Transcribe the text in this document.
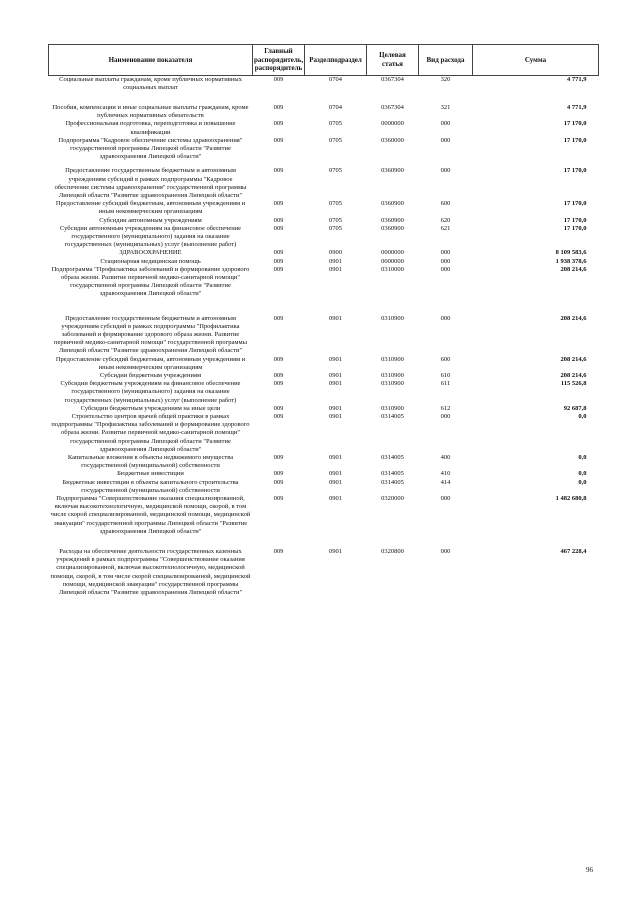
Наименование показателя	Главный распорядитель, распорядитель	Разделподраздел	Целевая статья	Вид расхода	Сумма
Социальные выплаты гражданам, кроме публичных нормативных социальных выплат	009	0704	0367304	320	4 771,9
Пособия, компенсации и иные социальные выплаты гражданам, кроме публичных нормативных обязательств	009	0704	0367304	321	4 771,9
Профессиональная подготовка, переподготовка и повышение квалификации	009	0705	0000000	000	17 170,0
Подпрограмма "Кадровое обеспечение системы здравоохранения" государственной программы Липецкой области "Развитие здравоохранения Липецкой области"	009	0705	0360000	000	17 170,0
Предоставление государственным бюджетным и автономным учреждениям субсидий в рамках подпрограммы "Кадровое обеспечение системы здравоохранения" государственной программы Липецкой области "Развитие здравоохранения Липецкой области"	009	0705	0360900	000	17 170,0
Предоставление субсидий бюджетным, автономным учреждениям и иным некоммерческим организациям	009	0705	0360900	600	17 170,0
Субсидии автономным учреждениям	009	0705	0360900	620	17 170,0
Субсидии автономным учреждениям на финансовое обеспечение государственного (муниципального) задания на оказание государственных (муниципальных) услуг (выполнение работ)	009	0705	0360900	621	17 170,0
ЗДРАВООХРАНЕНИЕ	009	0900	0000000	000	8 109 583,6
Стационарная медицинская помощь	009	0901	0000000	000	1 938 378,6
Подпрограмма "Профилактика заболеваний и формирование здорового образа жизни. Развитие первичной медико-санитарной помощи" государственной программы Липецкой области "Развитие здравоохранения Липецкой области"	009	0901	0310000	000	208 214,6
Предоставление государственным бюджетным и автономным учреждениям субсидий в рамках подпрограммы "Профилактика заболеваний и формирование здорового образа жизни. Развитие первичной медико-санитарной помощи" государственной программы Липецкой области "Развитие здравоохранения Липецкой области"	009	0901	0310900	000	208 214,6
Предоставление субсидий бюджетным, автономным учреждениям и иным некоммерческим организациям	009	0901	0310900	600	208 214,6
Субсидии бюджетным учреждениям	009	0901	0310900	610	208 214,6
Субсидии бюджетным учреждениям на финансовое обеспечение государственного (муниципального) задания на оказание государственных (муниципальных) услуг (выполнение работ)	009	0901	0310900	611	115 526,8
Субсидии бюджетным учреждениям на иные цели	009	0901	0310900	612	92 687,8
Строительство центров врачей общей практики в рамках подпрограммы "Профилактика заболеваний и формирование здорового образа жизни. Развитие первичной медико-санитарной помощи" государственной программы Липецкой области "Развитие здравоохранения Липецкой области"	009	0901	0314005	000	0,0
Капитальные вложения в объекты недвижимого имущества государственной (муниципальной) собственности	009	0901	0314005	400	0,0
Бюджетные инвестиции	009	0901	0314005	410	0,0
Бюджетные инвестиции в объекты капитального строительства государственной (муниципальной) собственности	009	0901	0314005	414	0,0
Подпрограмма "Совершенствование оказания специализированной, включая высокотехнологичную, медицинской помощи, скорой, в том числе скорой специализированной, медицинской помощи, медицинской эвакуации" государственной программы Липецкой области "Развитие здравоохранения Липецкой области"	009	0901	0320000	000	1 482 680,8
Расходы на обеспечение деятельности государственных казенных учреждений в рамках подпрограммы "Совершенствование оказания специализированной, включая высокотехнологичную, медицинской помощи, скорой, в том числе скорой специализированной, медицинской помощи, медицинской эвакуации" государственной программы Липецкой области "Развитие здравоохранения Липецкой области"	009	0901	0320800	000	467 228,4
96
